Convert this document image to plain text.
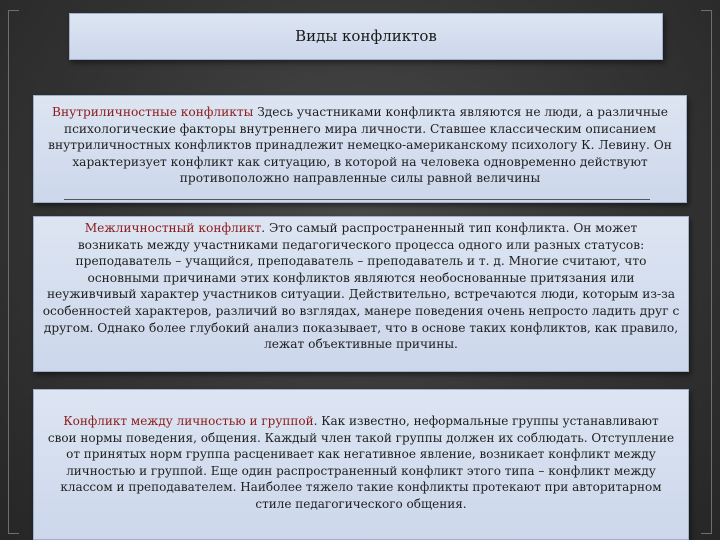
Виды конфликтов
Внутриличностные конфликты Здесь участниками конфликта являются не люди, а различные
психологические факторы внутреннего мира личности. Ставшее классическим описанием
внутриличностных конфликтов принадлежит немецко-американскому психологу К. Левину. Он
характеризует конфликт как ситуацию, в которой на человека одновременно действуют
противоположно направленные силы равной величины
Межличностный конфликт. Это самый распространенный тип конфликта. Он может
возникать между участниками педагогического процесса одного или разных статусов:
преподаватель – учащийся, преподаватель – преподаватель и т. д. Многие считают, что
основными причинами этих конфликтов являются необоснованные притязания или
неуживчивый характер участников ситуации. Действительно, встречаются люди, которым из-за
особенностей характеров, различий во взглядах, манере поведения очень непросто ладить друг с
другом. Однако более глубокий анализ показывает, что в основе таких конфликтов, как правило,
лежат объективные причины.
Конфликт между личностью и группой. Как известно, неформальные группы устанавливают
свои нормы поведения, общения. Каждый член такой группы должен их соблюдать. Отступление
от принятых норм группа расценивает как негативное явление, возникает конфликт между
личностью и группой. Еще один распространенный конфликт этого типа – конфликт между
классом и преподавателем. Наиболее тяжело такие конфликты протекают при авторитарном
стиле педагогического общения.
